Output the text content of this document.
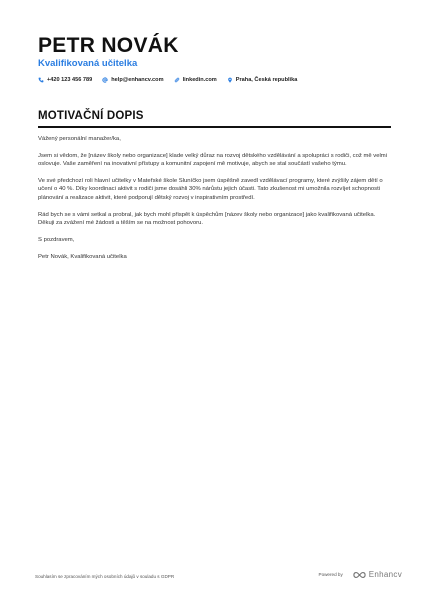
PETR NOVÁK
Kvalifikovaná učitelka
+420 123 456 789	help@enhancv.com	linkedin.com	Praha, Česká republika
MOTIVAČNÍ DOPIS

Vážený personální manažer/ka,

Jsem si vědom, že [název školy nebo organizace] klade velký důraz na rozvoj dětského vzdělávání a spolupráci s rodiči, což mě velmi oslovuje. Vaše zaměření na inovativní přístupy a komunitní zapojení mě motivuje, abych se stal součástí vašeho týmu.

Ve své předchozí roli hlavní učitelky v Mateřské škole Sluníčko jsem úspěšně zavedl vzdělávací programy, které zvýšily zájem dětí o učení o 40 %. Díky koordinaci aktivit s rodiči jsme dosáhli 30% nárůstu jejich účasti. Tato zkušenost mi umožnila rozvíjet schopnosti plánování a realizace aktivit, které podporují dětský rozvoj v inspirativním prostředí.

Rád bych se s vámi setkal a probral, jak bych mohl přispět k úspěchům [název školy nebo organizace] jako kvalifikovaná učitelka. Děkuji za zvážení mé žádosti a těším se na možnost pohovoru.

S pozdravem,

Petr Novák, Kvalifikovaná učitelka

Souhlasím se zpracováním mých osobních údajů v souladu s GDPR	Powered by	Enhancv
